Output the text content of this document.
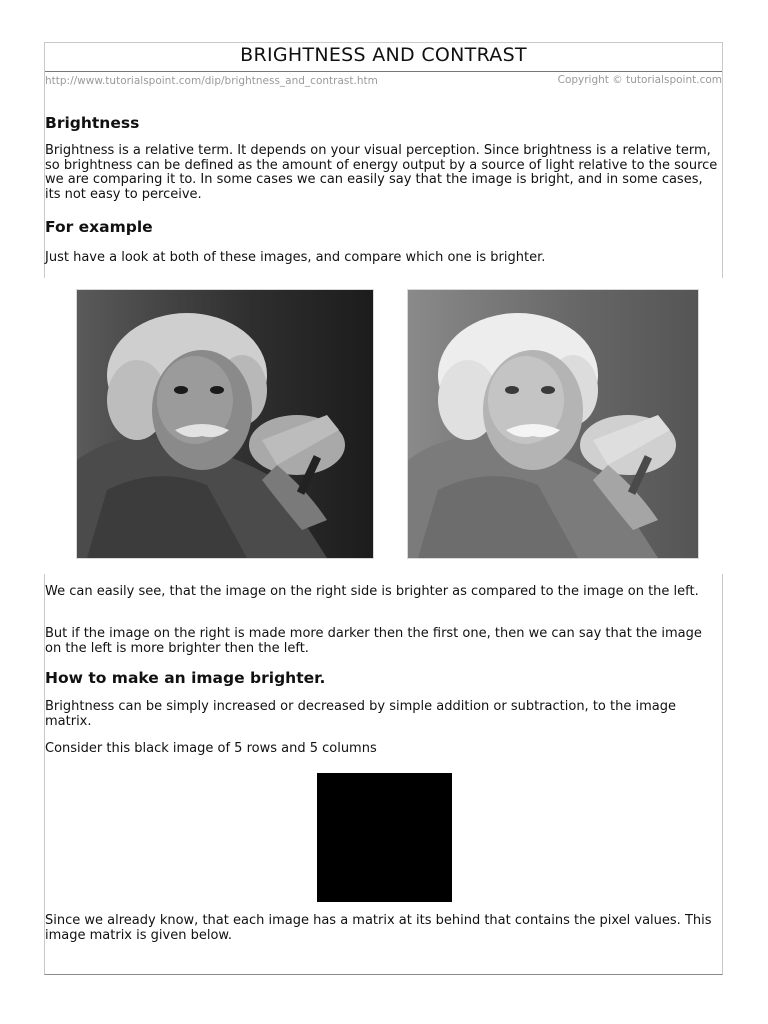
BRIGHTNESS AND CONTRAST
http://www.tutorialspoint.com/dip/brightness_and_contrast.htm	Copyright © tutorialspoint.com
Brightness

Brightness is a relative term. It depends on your visual perception. Since brightness is a relative term, so brightness can be defined as the amount of energy output by a source of light relative to the source we are comparing it to. In some cases we can easily say that the image is bright, and in some cases, its not easy to perceive.

For example

Just have a look at both of these images, and compare which one is brighter.

We can easily see, that the image on the right side is brighter as compared to the image on the left.

But if the image on the right is made more darker then the first one, then we can say that the image on the left is more brighter then the left.

How to make an image brighter.

Brightness can be simply increased or decreased by simple addition or subtraction, to the image matrix.

Consider this black image of 5 rows and 5 columns

Since we already know, that each image has a matrix at its behind that contains the pixel values. This image matrix is given below.
